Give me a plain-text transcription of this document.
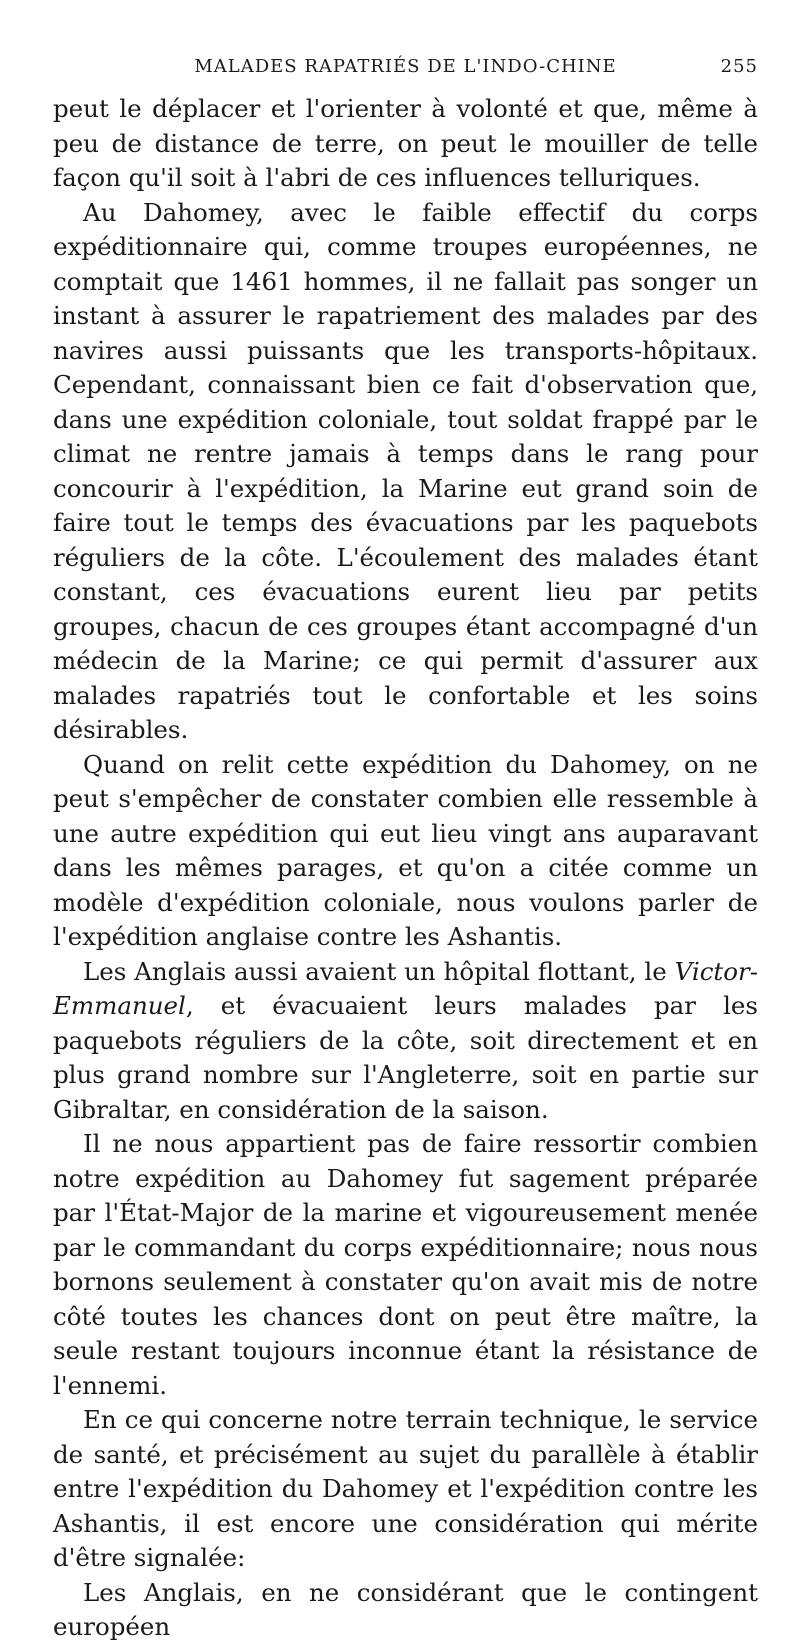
MALADES RAPATRIÉS DE L'INDO-CHINE	255

peut le déplacer et l'orienter à volonté et que, même à peu de distance de terre, on peut le mouiller de telle façon qu'il soit à l'abri de ces influences telluriques.

Au Dahomey, avec le faible effectif du corps expéditionnaire qui, comme troupes européennes, ne comptait que 1461 hommes, il ne fallait pas songer un instant à assurer le rapatriement des malades par des navires aussi puissants que les transports-hôpitaux. Cependant, connaissant bien ce fait d'observation que, dans une expédition coloniale, tout soldat frappé par le climat ne rentre jamais à temps dans le rang pour concourir à l'expédition, la Marine eut grand soin de faire tout le temps des évacuations par les paquebots réguliers de la côte. L'écoulement des malades étant constant, ces évacuations eurent lieu par petits groupes, chacun de ces groupes étant accompagné d'un médecin de la Marine; ce qui permit d'assurer aux malades rapatriés tout le confortable et les soins désirables.

Quand on relit cette expédition du Dahomey, on ne peut s'empêcher de constater combien elle ressemble à une autre expédition qui eut lieu vingt ans auparavant dans les mêmes parages, et qu'on a citée comme un modèle d'expédition coloniale, nous voulons parler de l'expédition anglaise contre les Ashantis.

Les Anglais aussi avaient un hôpital flottant, le Victor-Emmanuel, et évacuaient leurs malades par les paquebots réguliers de la côte, soit directement et en plus grand nombre sur l'Angleterre, soit en partie sur Gibraltar, en considération de la saison.

Il ne nous appartient pas de faire ressortir combien notre expédition au Dahomey fut sagement préparée par l'État-Major de la marine et vigoureusement menée par le commandant du corps expéditionnaire; nous nous bornons seulement à constater qu'on avait mis de notre côté toutes les chances dont on peut être maître, la seule restant toujours inconnue étant la résistance de l'ennemi.

En ce qui concerne notre terrain technique, le service de santé, et précisément au sujet du parallèle à établir entre l'expédition du Dahomey et l'expédition contre les Ashantis, il est encore une considération qui mérite d'être signalée:

Les Anglais, en ne considérant que le contingent européen
